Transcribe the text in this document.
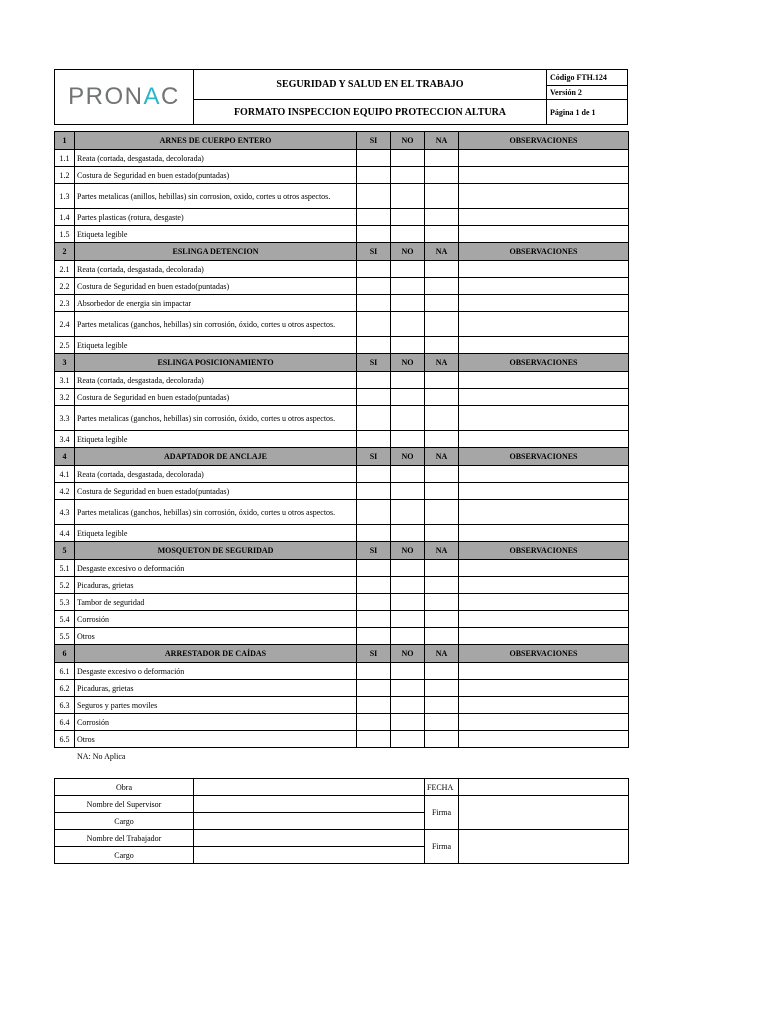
PRONAC	SEGURIDAD Y SALUD EN EL TRABAJO
FORMATO INSPECCION EQUIPO PROTECCION ALTURA
Código FTH.124
Versión 2
Página 1 de 1
1	ARNES DE CUERPO ENTERO	SI	NO	NA	OBSERVACIONES
1.1	Reata (cortada, desgastada, decolorada)				
1.2	Costura de Seguridad en buen estado(puntadas)				
1.3	Partes metalicas (anillos, hebillas) sin corrosion, oxido, cortes u otros aspectos.				
1.4	Partes plasticas (rotura, desgaste)				
1.5	Etiqueta legible				
2	ESLINGA DETENCION	SI	NO	NA	OBSERVACIONES
2.1	Reata (cortada, desgastada, decolorada)				
2.2	Costura de Seguridad en buen estado(puntadas)				
2.3	Absorbedor de energia sin impactar				
2.4	Partes metalicas (ganchos, hebillas) sin corrosión, óxido, cortes u otros aspectos.				
2.5	Etiqueta legible				
3	ESLINGA POSICIONAMIENTO	SI	NO	NA	OBSERVACIONES
3.1	Reata (cortada, desgastada, decolorada)				
3.2	Costura de Seguridad en buen estado(puntadas)				
3.3	Partes metalicas (ganchos, hebillas) sin corrosión, óxido, cortes u otros aspectos.				
3.4	Etiqueta legible				
4	ADAPTADOR DE ANCLAJE	SI	NO	NA	OBSERVACIONES
4.1	Reata (cortada, desgastada, decolorada)				
4.2	Costura de Seguridad en buen estado(puntadas)				
4.3	Partes metalicas (ganchos, hebillas) sin corrosión, óxido, cortes u otros aspectos.				
4.4	Etiqueta legible				
5	MOSQUETON DE SEGURIDAD	SI	NO	NA	OBSERVACIONES
5.1	Desgaste excesivo o deformación				
5.2	Picaduras, grietas				
5.3	Tambor de seguridad				
5.4	Corrosión				
5.5	Otros				
6	ARRESTADOR DE CAÍDAS	SI	NO	NA	OBSERVACIONES
6.1	Desgaste excesivo o deformación				
6.2	Picaduras, grietas				
6.3	Seguros y partes moviles				
6.4	Corrosión				
6.5	Otros				
NA: No Aplica
Obra		FECHA	
Nombre del Supervisor		Firma	
Cargo			
Nombre del Trabajador		Firma	
Cargo			
